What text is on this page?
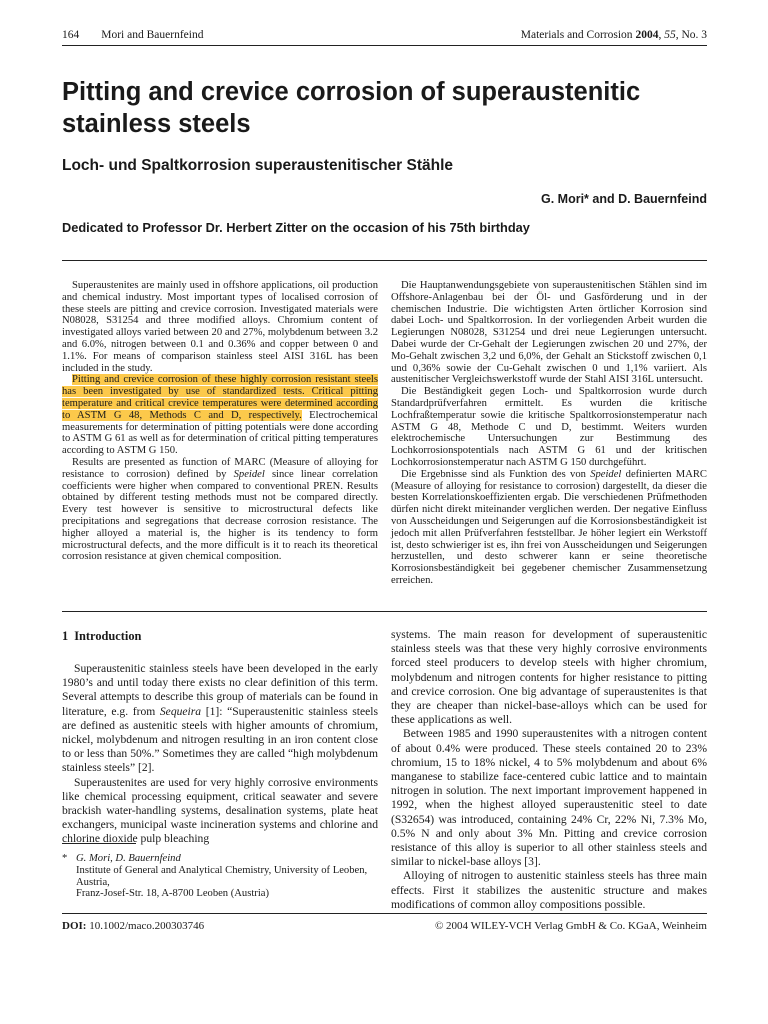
164 Mori and Bauernfeind	Materials and Corrosion 2004, 55, No. 3
Pitting and crevice corrosion of superaustenitic stainless steels
Loch- und Spaltkorrosion superaustenitischer Stähle
G. Mori* and D. Bauernfeind
Dedicated to Professor Dr. Herbert Zitter on the occasion of his 75th birthday

Superaustenites are mainly used in offshore applications, oil production and chemical industry. Most important types of localised corrosion of these steels are pitting and crevice corrosion. Investigated materials were N08028, S31254 and three modified alloys. Chromium content of investigated alloys varied between 20 and 27%, molybdenum between 3.2 and 6.0%, nitrogen between 0.1 and 0.36% and copper between 0 and 1.1%. For means of comparison stainless steel AISI 316L has been included in the study.

Pitting and crevice corrosion of these highly corrosion resistant steels has been investigated by use of standardized tests. Critical pitting temperature and critical crevice temperatures were determined according to ASTM G 48, Methods C and D, respectively. Electrochemical measurements for determination of pitting potentials were done according to ASTM G 61 as well as for determination of critical pitting temperatures according to ASTM G 150.

Results are presented as function of MARC (Measure of alloying for resistance to corrosion) defined by Speidel since linear correlation coefficients were higher when compared to conventional PREN. Results obtained by different testing methods must not be compared directly. Every test however is sensitive to microstructural defects like precipitations and segregations that decrease corrosion resistance. The higher alloyed a material is, the higher is its tendency to form microstructural defects, and the more difficult is it to reach its theoretical corrosion resistance at given chemical composition.

Die Hauptanwendungsgebiete von superaustenitischen Stählen sind im Offshore-Anlagenbau bei der Öl- und Gasförderung und in der chemischen Industrie. Die wichtigsten Arten örtlicher Korrosion sind dabei Loch- und Spaltkorrosion. In der vorliegenden Arbeit wurden die Legierungen N08028, S31254 und drei neue Legierungen untersucht. Dabei wurde der Cr-Gehalt der Legierungen zwischen 20 und 27%, der Mo-Gehalt zwischen 3,2 und 6,0%, der Gehalt an Stickstoff zwischen 0,1 und 0,36% sowie der Cu-Gehalt zwischen 0 und 1,1% variiert. Als austenitischer Vergleichswerkstoff wurde der Stahl AISI 316L untersucht.

Die Beständigkeit gegen Loch- und Spaltkorrosion wurde durch Standardprüfverfahren ermittelt. Es wurden die kritische Lochfraßtemperatur sowie die kritische Spaltkorrosionstemperatur nach ASTM G 48, Methode C und D, bestimmt. Weiters wurden elektrochemische Untersuchungen zur Bestimmung des Lochkorrosionspotentials nach ASTM G 61 und der kritischen Lochkorrosionstemperatur nach ASTM G 150 durchgeführt.

Die Ergebnisse sind als Funktion des von Speidel definierten MARC (Measure of alloying for resistance to corrosion) dargestellt, da dieser die besten Korrelationskoeffizienten ergab. Die verschiedenen Prüfmethoden dürfen nicht direkt miteinander verglichen werden. Der negative Einfluss von Ausscheidungen und Seigerungen auf die Korrosionsbeständigkeit ist jedoch mit allen Prüfverfahren feststellbar. Je höher legiert ein Werkstoff ist, desto schwieriger ist es, ihn frei von Ausscheidungen und Seigerungen herzustellen, und desto schwerer kann er seine theoretische Korrosionsbeständigkeit bei gegebener chemischer Zusammensetzung erreichen.

1 Introduction

Superaustenitic stainless steels have been developed in the early 1980’s and until today there exists no clear definition of this term. Several attempts to describe this group of materials can be found in literature, e.g. from Sequeira [1]: “Superaustenitic stainless steels are defined as austenitic steels with higher amounts of chromium, nickel, molybdenum and nitrogen resulting in an iron content close to or less than 50%.” Sometimes they are called “high molybdenum stainless steels” [2].

Superaustenites are used for very highly corrosive environments like chemical processing equipment, critical seawater and severe brackish water-handling systems, desalination systems, plate heat exchangers, municipal waste incineration systems and chlorine and chlorine dioxide pulp bleaching

systems. The main reason for development of superaustenitic stainless steels was that these very highly corrosive environments forced steel producers to develop steels with higher chromium, molybdenum and nitrogen contents for higher resistance to pitting and crevice corrosion. One big advantage of superaustenites is that they are cheaper than nickel-base-alloys which can be used for these applications as well.

Between 1985 and 1990 superaustenites with a nitrogen content of about 0.4% were produced. These steels contained 20 to 23% chromium, 15 to 18% nickel, 4 to 5% molybdenum and about 6% manganese to stabilize face-centered cubic lattice and to maintain nitrogen in solution. The next important improvement happened in 1992, when the highest alloyed superaustenitic steel to date (S32654) was introduced, containing 24% Cr, 22% Ni, 7.3% Mo, 0.5% N and only about 3% Mn. Pitting and crevice corrosion resistance of this alloy is superior to all other stainless steels and similar to nickel-base alloys [3].

Alloying of nitrogen to austenitic stainless steels has three main effects. First it stabilizes the austenitic structure and makes modifications of common alloy compositions possible.

* G. Mori, D. Bauernfeind
Institute of General and Analytical Chemistry, University of Leoben, Austria,
Franz-Josef-Str. 18, A-8700 Leoben (Austria)
DOI: 10.1002/maco.200303746	© 2004 WILEY-VCH Verlag GmbH & Co. KGaA, Weinheim
